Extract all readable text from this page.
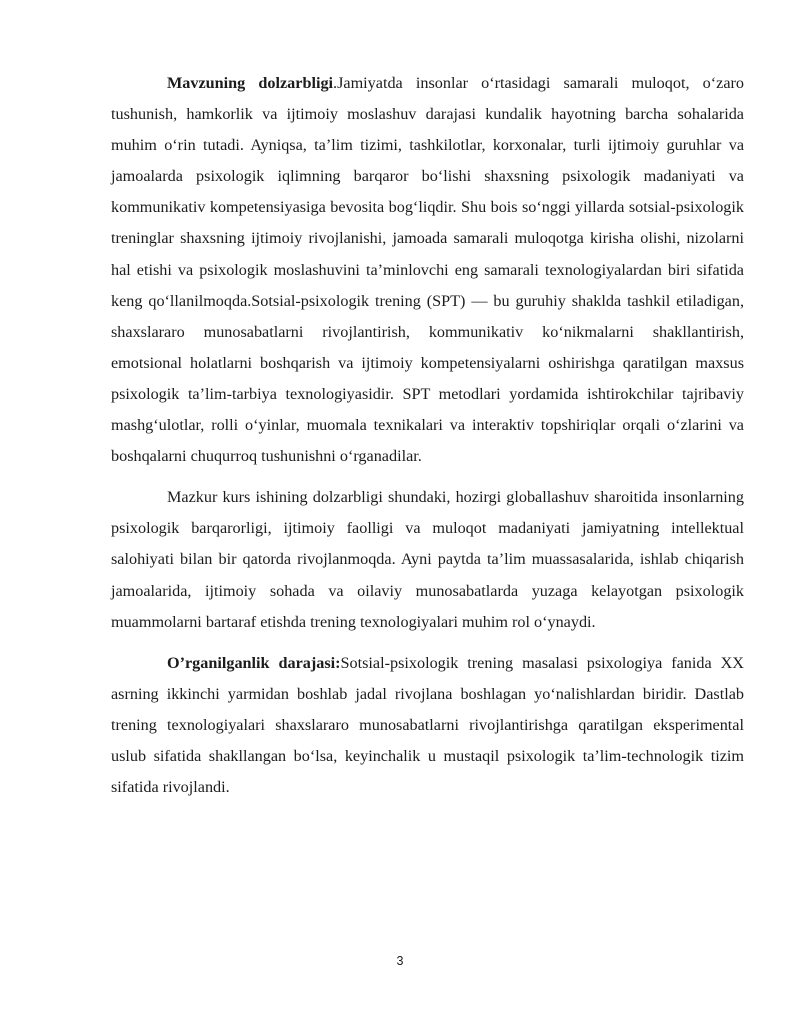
Mavzuning dolzarbligi.Jamiyatda insonlar o‘rtasidagi samarali muloqot, o‘zaro tushunish, hamkorlik va ijtimoiy moslashuv darajasi kundalik hayotning barcha sohalarida muhim o‘rin tutadi. Ayniqsa, ta’lim tizimi, tashkilotlar, korxonalar, turli ijtimoiy guruhlar va jamoalarda psixologik iqlimning barqaror bo‘lishi shaxsning psixologik madaniyati va kommunikativ kompetensiyasiga bevosita bog‘liqdir. Shu bois so‘nggi yillarda sotsial-psixologik treninglar shaxsning ijtimoiy rivojlanishi, jamoada samarali muloqotga kirisha olishi, nizolarni hal etishi va psixologik moslashuvini ta’minlovchi eng samarali texnologiyalardan biri sifatida keng qo‘llanilmoqda.Sotsial-psixologik trening (SPT) — bu guruhiy shaklda tashkil etiladigan, shaxslararo munosabatlarni rivojlantirish, kommunikativ ko‘nikmalarni shakllantirish, emotsional holatlarni boshqarish va ijtimoiy kompetensiyalarni oshirishga qaratilgan maxsus psixologik ta’lim-tarbiya texnologiyasidir. SPT metodlari yordamida ishtirokchilar tajribaviy mashg‘ulotlar, rolli o‘yinlar, muomala texnikalari va interaktiv topshiriqlar orqali o‘zlarini va boshqalarni chuqurroq tushunishni o‘rganadilar.

Mazkur kurs ishining dolzarbligi shundaki, hozirgi globallashuv sharoitida insonlarning psixologik barqarorligi, ijtimoiy faolligi va muloqot madaniyati jamiyatning intellektual salohiyati bilan bir qatorda rivojlanmoqda. Ayni paytda ta’lim muassasalarida, ishlab chiqarish jamoalarida, ijtimoiy sohada va oilaviy munosabatlarda yuzaga kelayotgan psixologik muammolarni bartaraf etishda trening texnologiyalari muhim rol o‘ynaydi.

O’rganilganlik darajasi:Sotsial-psixologik trening masalasi psixologiya fanida XX asrning ikkinchi yarmidan boshlab jadal rivojlana boshlagan yo‘nalishlardan biridir. Dastlab trening texnologiyalari shaxslararo munosabatlarni rivojlantirishga qaratilgan eksperimental uslub sifatida shakllangan bo‘lsa, keyinchalik u mustaqil psixologik ta’lim-technologik tizim sifatida rivojlandi.

3
